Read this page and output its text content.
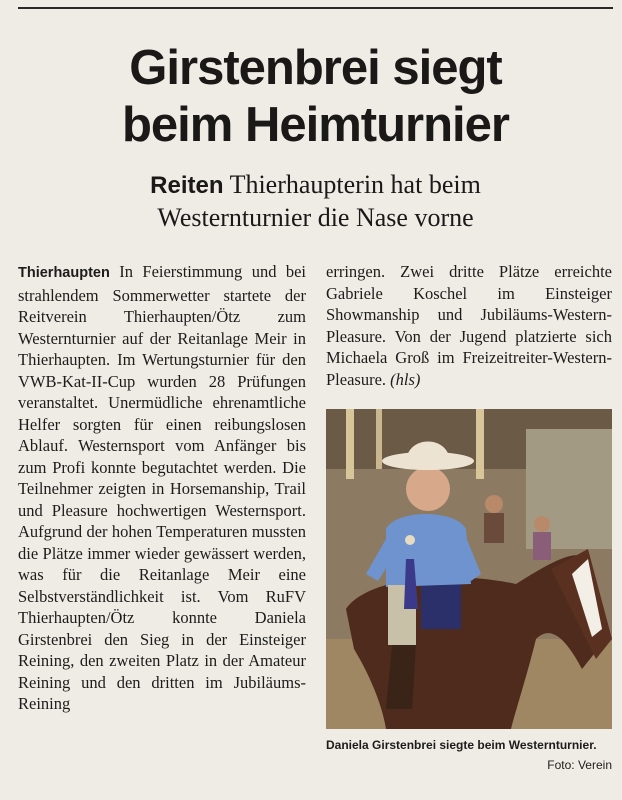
Girstenbrei siegt
beim Heimturnier
Reiten Thierhaupterin hat beim
Westernturnier die Nase vorne
Thierhaupten In Feierstimmung und bei strahlendem Sommerwetter startete der Reitverein Thierhaupten/Ötz zum Westernturnier auf der Reitanlage Meir in Thierhaupten. Im Wertungsturnier für den VWB-Kat-II-Cup wurden 28 Prüfungen veranstaltet. Unermüdliche ehrenamtliche Helfer sorgten für einen reibungslosen Ablauf. Westernsport vom Anfänger bis zum Profi konnte begutachtet werden. Die Teilnehmer zeigten in Horsemanship, Trail und Pleasure hochwertigen Westernsport. Aufgrund der hohen Temperaturen mussten die Plätze immer wieder gewässert werden, was für die Reitanlage Meir eine Selbstverständlichkeit ist. Vom RuFV Thierhaupten/Ötz konnte Daniela Girstenbrei den Sieg in der Einsteiger Reining, den zweiten Platz in der Amateur Reining und den dritten im Jubiläums-Reining
erringen. Zwei dritte Plätze erreichte Gabriele Koschel im Einsteiger Showmanship und Jubiläums-Western-Pleasure. Von der Jugend platzierte sich Michaela Groß im Freizeitreiter-Western-Pleasure. (hls)
Daniela Girstenbrei siegte beim Westernturnier.
Foto: Verein
